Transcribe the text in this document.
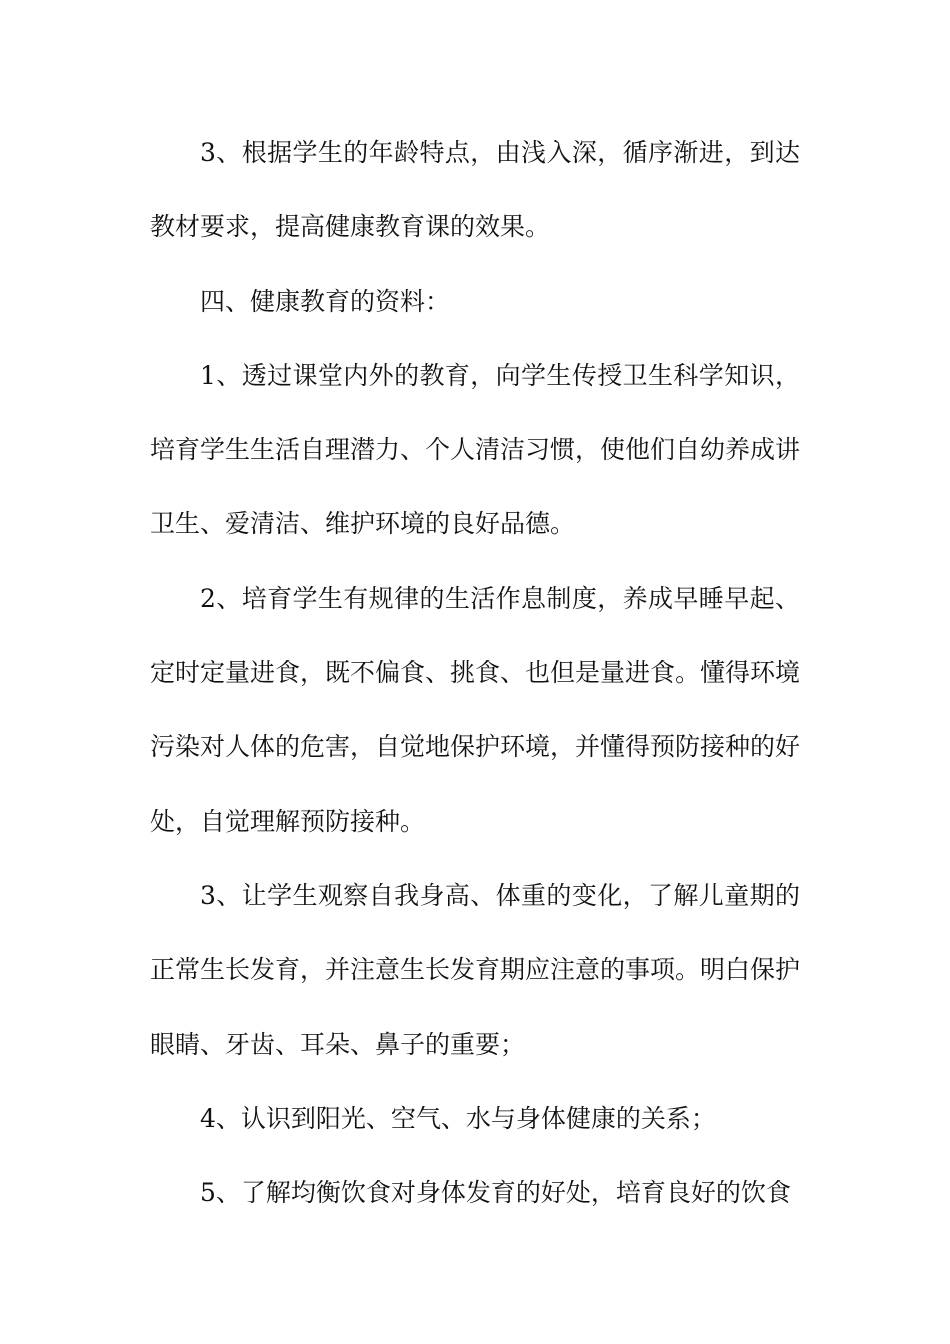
3、根据学生的年龄特点，由浅入深，循序渐进，到达教材要求，提高健康教育课的效果。

四、健康教育的资料：

1、透过课堂内外的教育，向学生传授卫生科学知识，培育学生生活自理潜力、个人清洁习惯，使他们自幼养成讲卫生、爱清洁、维护环境的良好品德。

2、培育学生有规律的生活作息制度，养成早睡早起、定时定量进食，既不偏食、挑食、也但是量进食。懂得环境污染对人体的危害，自觉地保护环境，并懂得预防接种的好处，自觉理解预防接种。

3、让学生观察自我身高、体重的变化，了解儿童期的正常生长发育，并注意生长发育期应注意的事项。明白保护眼睛、牙齿、耳朵、鼻子的重要；

4、认识到阳光、空气、水与身体健康的关系；

5、了解均衡饮食对身体发育的好处，培育良好的饮食
